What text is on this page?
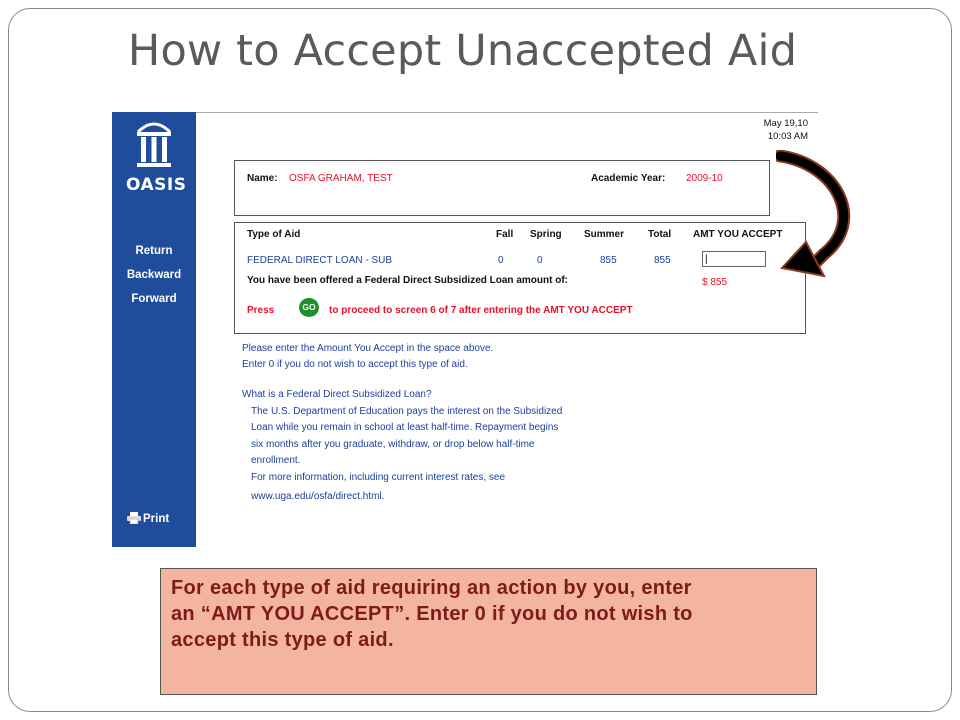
How to Accept Unaccepted Aid
OASIS
Return
Backward
Forward
Print
May 19,10
10:03 AM
Name: OSFA GRAHAM, TEST	Academic Year: 2009-10
Type of Aid	Fall Spring Summer Total AMT YOU ACCEPT
FEDERAL DIRECT LOAN - SUB	0	0	855	855
|
You have been offered a Federal Direct Subsidized Loan amount of:	$ 855
Press	GO	to proceed to screen 6 of 7 after entering the AMT YOU ACCEPT
Please enter the Amount You Accept in the space above.
Enter 0 if you do not wish to accept this type of aid.
What is a Federal Direct Subsidized Loan?
The U.S. Department of Education pays the interest on the Subsidized
Loan while you remain in school at least half-time. Repayment begins
six months after you graduate, withdraw, or drop below half-time
enrollment.
For more information, including current interest rates, see
www.uga.edu/osfa/direct.html.
For each type of aid requiring an action by you, enter
an “AMT YOU ACCEPT”. Enter 0 if you do not wish to
accept this type of aid.
